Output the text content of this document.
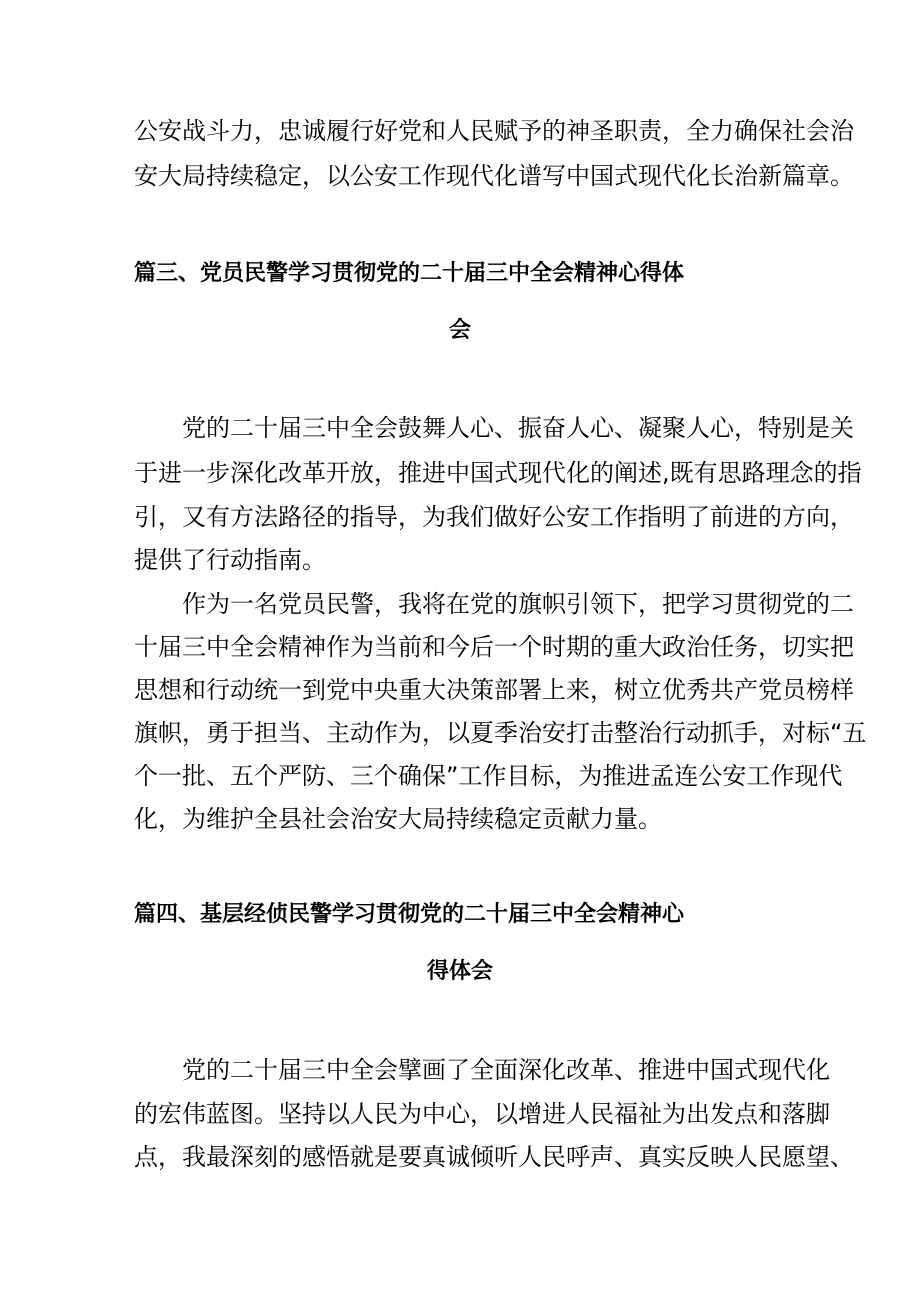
公安战斗力，忠诚履行好党和人民赋予的神圣职责，全力确保社会治
安大局持续稳定，以公安工作现代化谱写中国式现代化长治新篇章。
篇三、党员民警学习贯彻党的二十届三中全会精神心得体
会
党的二十届三中全会鼓舞人心、振奋人心、凝聚人心，特别是关
于进一步深化改革开放，推进中国式现代化的阐述,既有思路理念的指
引，又有方法路径的指导，为我们做好公安工作指明了前进的方向，
提供了行动指南。
作为一名党员民警，我将在党的旗帜引领下，把学习贯彻党的二
十届三中全会精神作为当前和今后一个时期的重大政治任务，切实把
思想和行动统一到党中央重大决策部署上来，树立优秀共产党员榜样
旗帜，勇于担当、主动作为，以夏季治安打击整治行动抓手，对标“五
个一批、五个严防、三个确保”工作目标，为推进孟连公安工作现代
化，为维护全县社会治安大局持续稳定贡献力量。
篇四、基层经侦民警学习贯彻党的二十届三中全会精神心
得体会
党的二十届三中全会擘画了全面深化改革、推进中国式现代化
的宏伟蓝图。坚持以人民为中心，以增进人民福祉为出发点和落脚
点，我最深刻的感悟就是要真诚倾听人民呼声、真实反映人民愿望、
